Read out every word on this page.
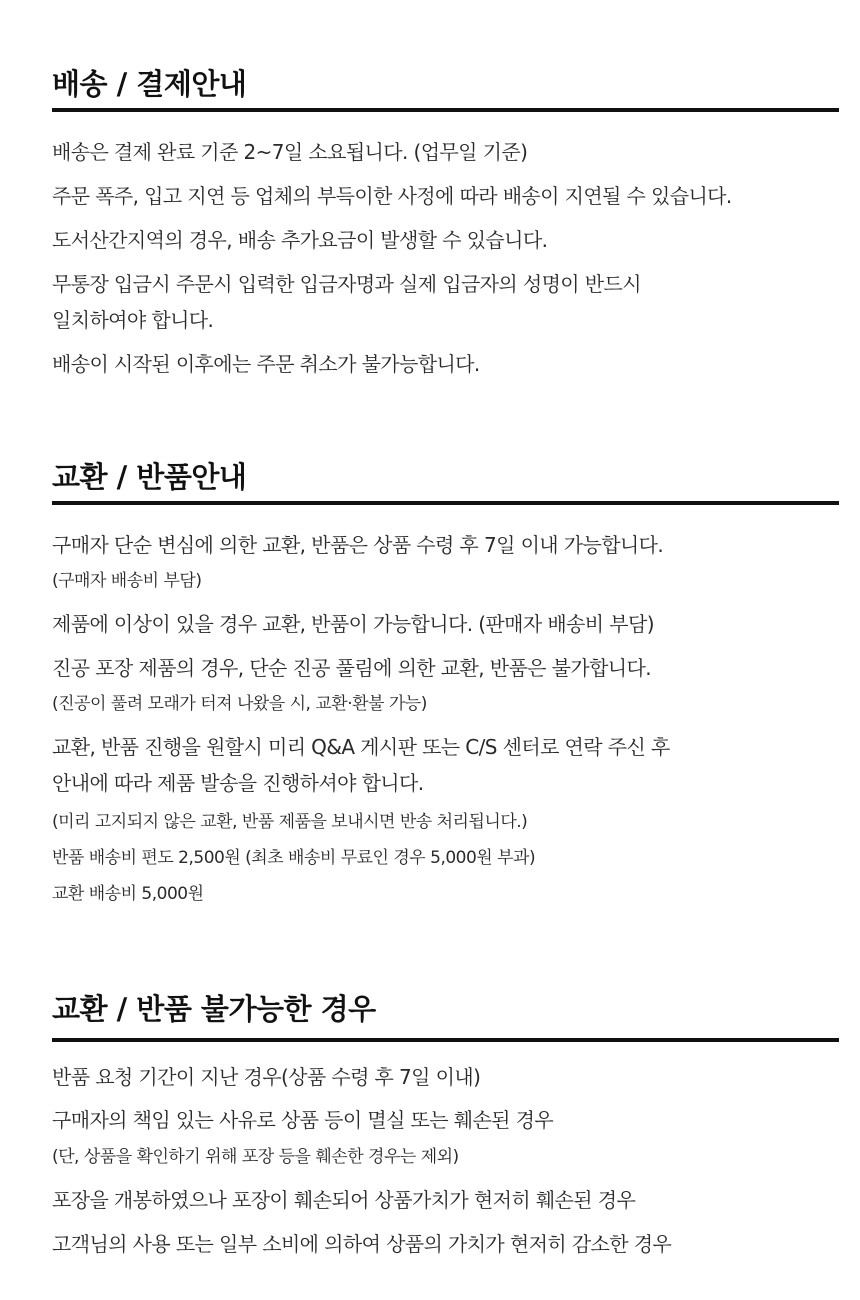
배송 / 결제안내

배송은 결제 완료 기준 2~7일 소요됩니다. (업무일 기준)

주문 폭주, 입고 지연 등 업체의 부득이한 사정에 따라 배송이 지연될 수 있습니다.

도서산간지역의 경우, 배송 추가요금이 발생할 수 있습니다.

무통장 입금시 주문시 입력한 입금자명과 실제 입금자의 성명이 반드시

일치하여야 합니다.

배송이 시작된 이후에는 주문 취소가 불가능합니다.

교환 / 반품안내

구매자 단순 변심에 의한 교환, 반품은 상품 수령 후 7일 이내 가능합니다.

(구매자 배송비 부담)

제품에 이상이 있을 경우 교환, 반품이 가능합니다. (판매자 배송비 부담)

진공 포장 제품의 경우, 단순 진공 풀림에 의한 교환, 반품은 불가합니다.

(진공이 풀려 모래가 터져 나왔을 시, 교환·환불 가능)

교환, 반품 진행을 원할시 미리 Q&A 게시판 또는 C/S 센터로 연락 주신 후

안내에 따라 제품 발송을 진행하셔야 합니다.

(미리 고지되지 않은 교환, 반품 제품을 보내시면 반송 처리됩니다.)

반품 배송비 편도 2,500원 (최초 배송비 무료인 경우 5,000원 부과)

교환 배송비 5,000원

교환 / 반품 불가능한 경우

반품 요청 기간이 지난 경우(상품 수령 후 7일 이내)

구매자의 책임 있는 사유로 상품 등이 멸실 또는 훼손된 경우

(단, 상품을 확인하기 위해 포장 등을 훼손한 경우는 제외)

포장을 개봉하였으나 포장이 훼손되어 상품가치가 현저히 훼손된 경우

고객님의 사용 또는 일부 소비에 의하여 상품의 가치가 현저히 감소한 경우
